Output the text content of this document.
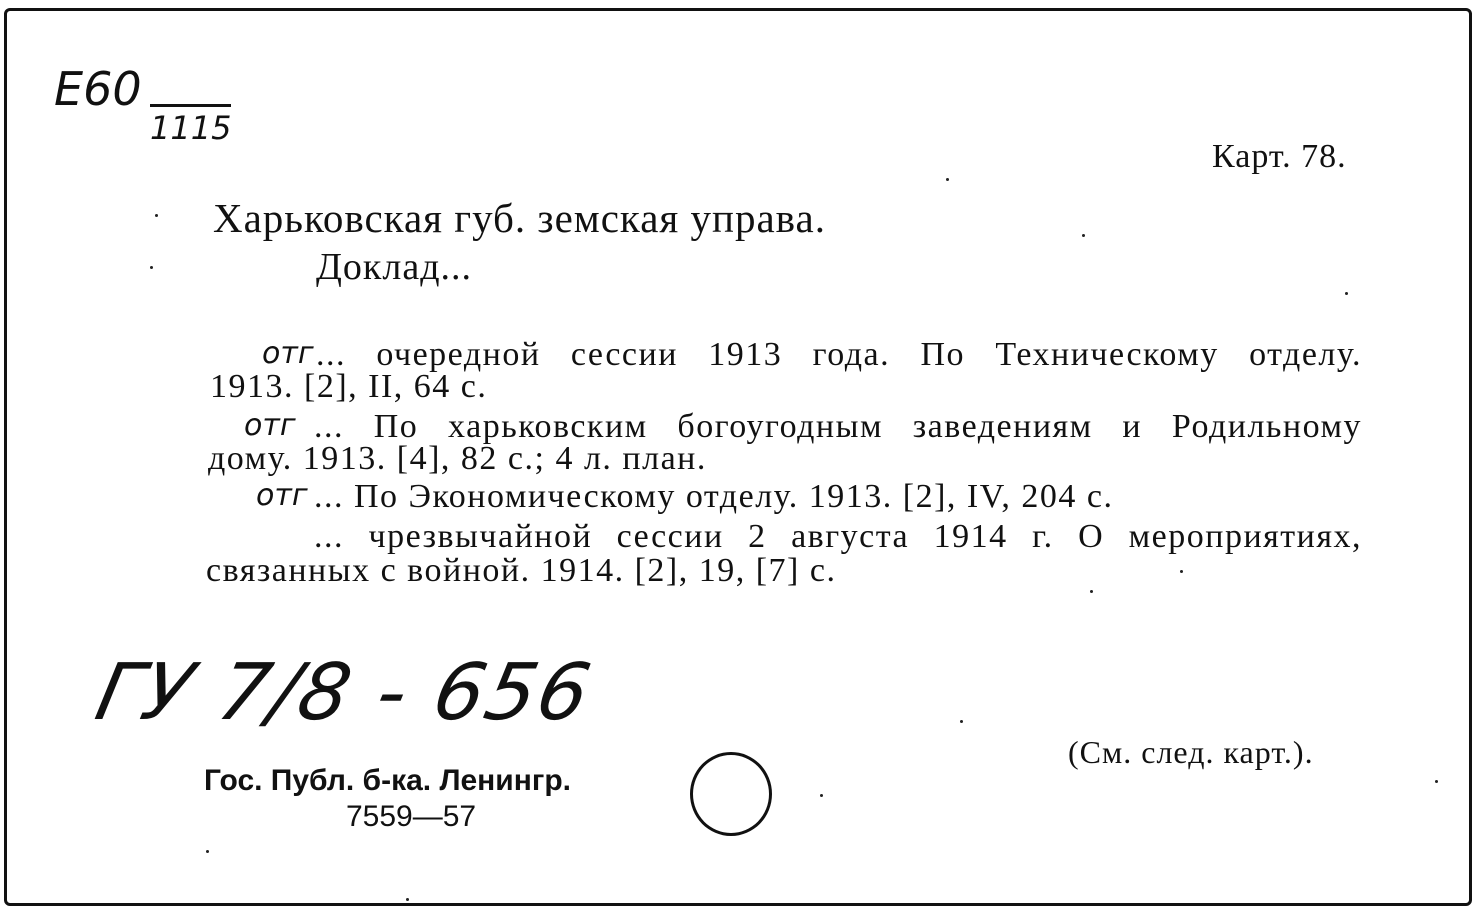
E60
1115
Карт. 78.
Харьковская губ. земская управа.
Доклад...
отг ... очередной сессии 1913 года. По Техническому отделу.
1913. [2], II, 64 с.
отг ... По харьковским богоугодным заведениям и Родильному
дому. 1913. [4], 82 с.; 4 л. план.
отг ... По Экономическому отделу. 1913. [2], IV, 204 с.
... чрезвычайной сессии 2 августа 1914 г. О мероприятиях,
связанных с войной. 1914. [2], 19, [7] с.
ГУ 7/8 - 656
(См. след. карт.).
Гос. Публ. б-ка. Ленингр.
7559—57
